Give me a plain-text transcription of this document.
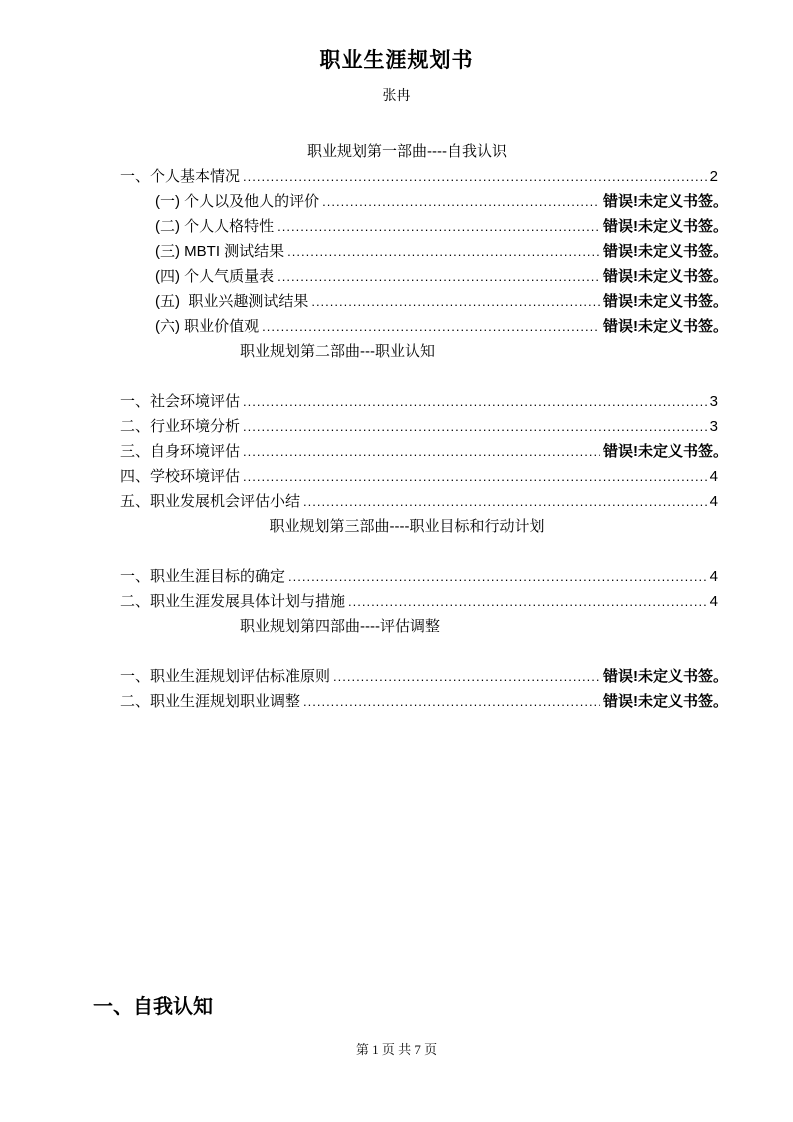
职业生涯规划书
张冉
职业规划第一部曲----自我认识
一、个人基本情况 .....	2
(一) 个人以及他人的评价 .....	错误!未定义书签。
(二) 个人人格特性 .....	错误!未定义书签。
(三) MBTI 测试结果 .....	错误!未定义书签。
(四) 个人气质量表 .....	错误!未定义书签。
(五)  职业兴趣测试结果 .....	错误!未定义书签。
(六) 职业价值观 .....	错误!未定义书签。
职业规划第二部曲---职业认知
一、社会环境评估 .....	3
二、行业环境分析 .....	3
三、自身环境评估 .....	错误!未定义书签。
四、学校环境评估 .....	4
五、职业发展机会评估小结 .....	4
职业规划第三部曲----职业目标和行动计划
一、职业生涯目标的确定 .....	4
二、职业生涯发展具体计划与措施 .....	4
职业规划第四部曲----评估调整
一、职业生涯规划评估标准原则 .....	错误!未定义书签。
二、职业生涯规划职业调整 .....	错误!未定义书签。
一、自我认知
第 1 页 共 7 页
